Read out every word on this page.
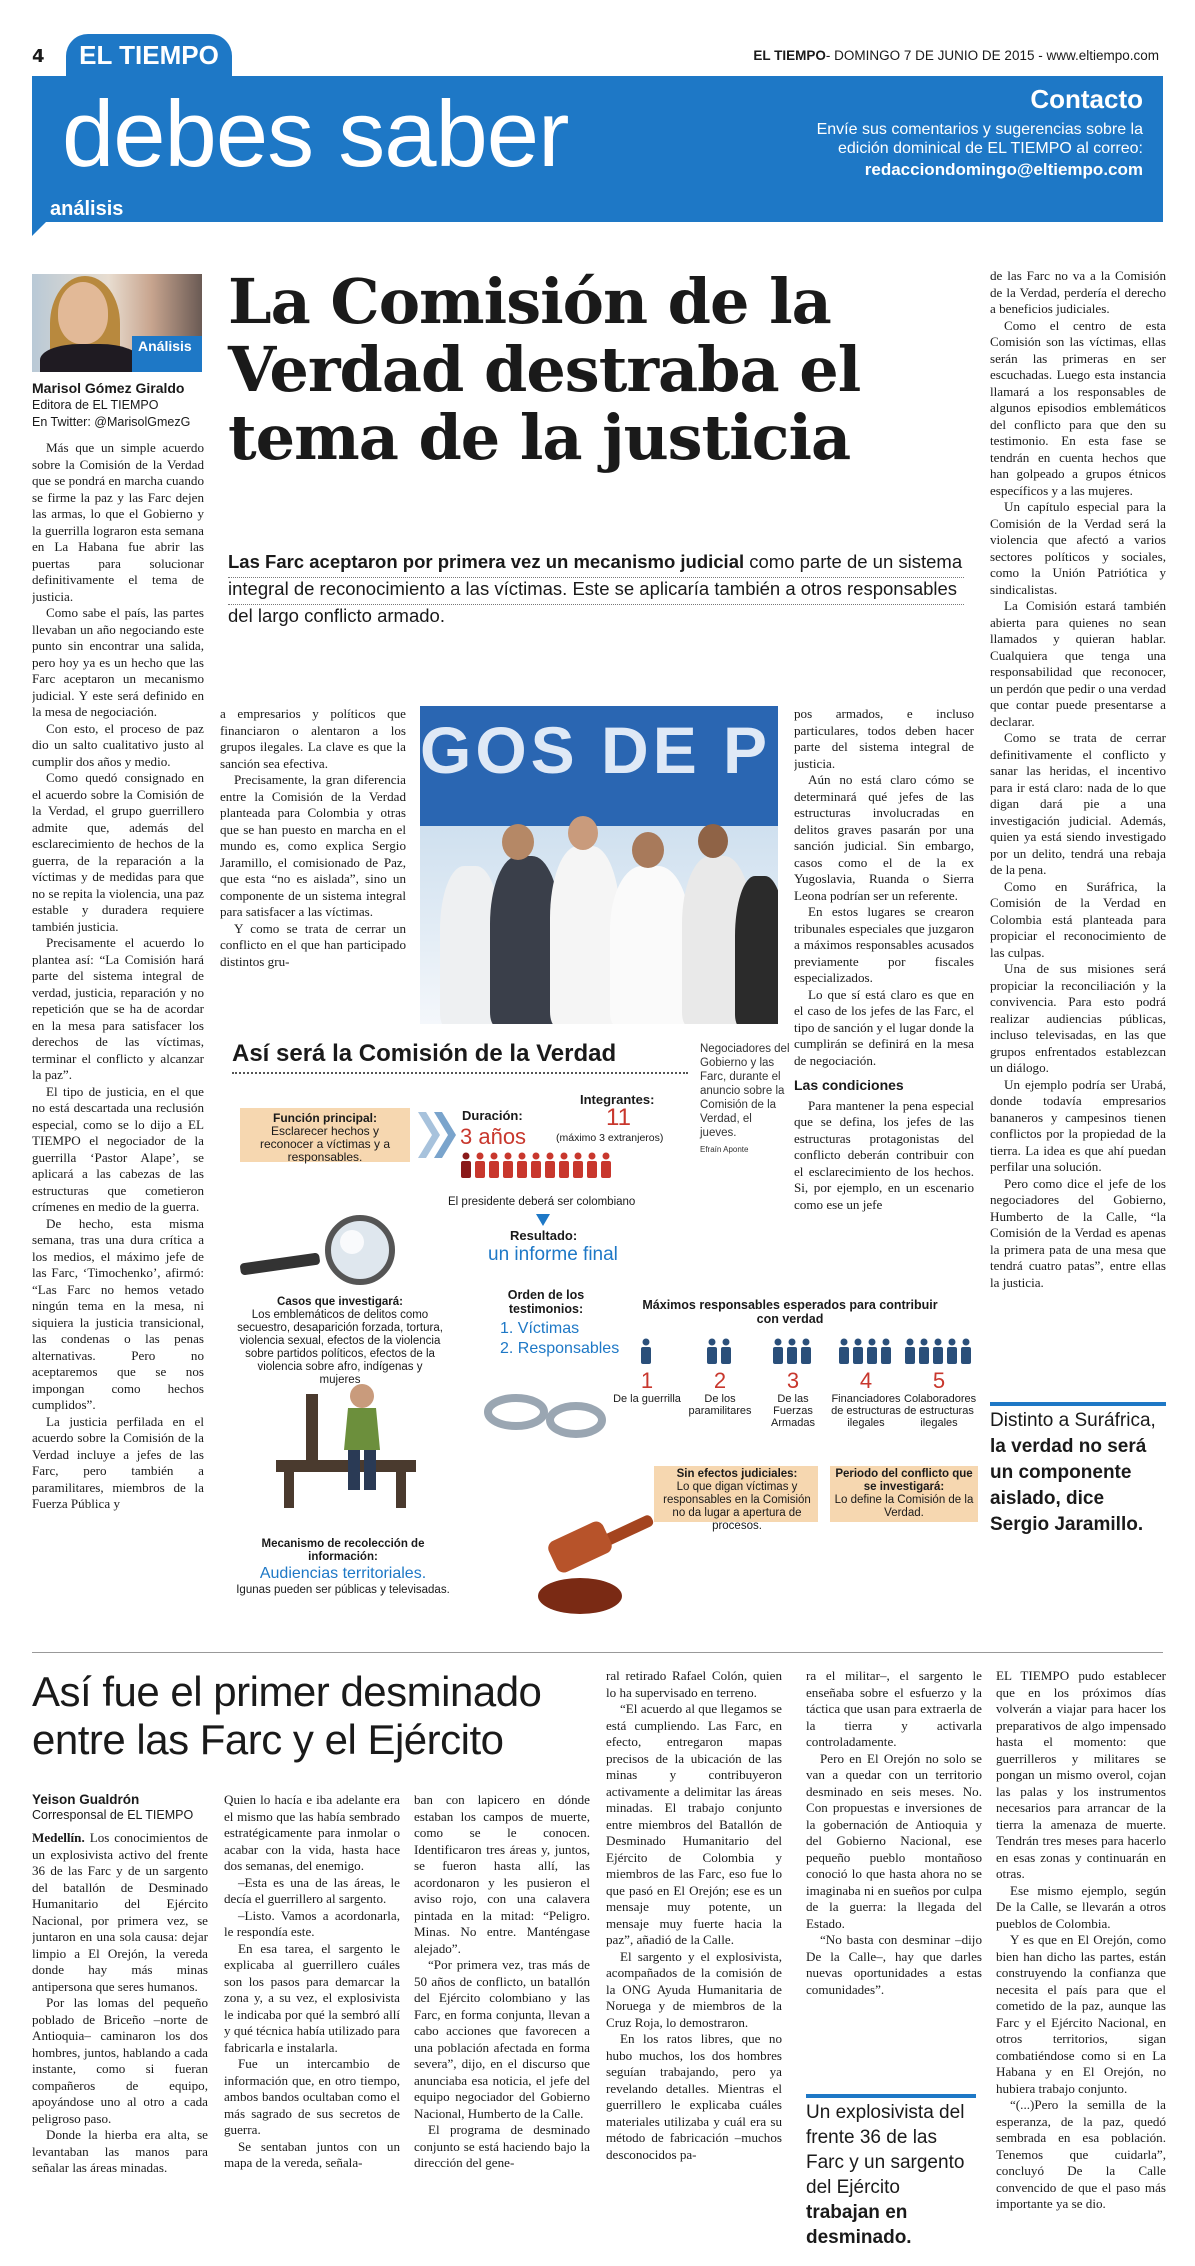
4	EL TIEMPO	EL TIEMPO- DOMINGO 7 DE JUNIO DE 2015 - www.eltiempo.com
debes saber
análisis
Contacto
Envíe sus comentarios y sugerencias sobre la edición dominical de EL TIEMPO al correo:
redacciondomingo@eltiempo.com
Análisis
Marisol Gómez Giraldo
Editora de EL TIEMPO
En Twitter: @MarisolGmezG
La Comisión de la Verdad destraba el tema de la justicia
Las Farc aceptaron por primera vez un mecanismo judicial como parte de un sistema integral de reconocimiento a las víctimas. Este se aplicaría también a otros responsables del largo conflicto armado.

Más que un simple acuerdo sobre la Comisión de la Verdad que se pondrá en marcha cuando se firme la paz y las Farc dejen las armas, lo que el Gobierno y la guerrilla lograron esta semana en La Habana fue abrir las puertas para solucionar definitivamente el tema de justicia.

Como sabe el país, las partes llevaban un año negociando este punto sin encontrar una salida, pero hoy ya es un hecho que las Farc aceptaron un mecanismo judicial. Y este será definido en la mesa de negociación.

Con esto, el proceso de paz dio un salto cualitativo justo al cumplir dos años y medio.

Como quedó consignado en el acuerdo sobre la Comisión de la Verdad, el grupo guerrillero admite que, además del esclarecimiento de hechos de la guerra, de la reparación a la víctimas y de medidas para que no se repita la violencia, una paz estable y duradera requiere también justicia.

Precisamente el acuerdo lo plantea así: “La Comisión hará parte del sistema integral de verdad, justicia, reparación y no repetición que se ha de acordar en la mesa para satisfacer los derechos de las víctimas, terminar el conflicto y alcanzar la paz”.

El tipo de justicia, en el que no está descartada una reclusión especial, como se lo dijo a EL TIEMPO el negociador de la guerrilla ‘Pastor Alape’, se aplicará a las cabezas de las estructuras que cometieron crímenes en medio de la guerra.

De hecho, esta misma semana, tras una dura crítica a los medios, el máximo jefe de las Farc, ‘Timochenko’, afirmó: “Las Farc no hemos vetado ningún tema en la mesa, ni siquiera la justicia transicional, las condenas o las penas alternativas. Pero no aceptaremos que se nos impongan como hechos cumplidos”.

La justicia perfilada en el acuerdo sobre la Comisión de la Verdad incluye a jefes de las Farc, pero también a paramilitares, miembros de la Fuerza Pública y

a empresarios y políticos que financiaron o alentaron a los grupos ilegales. La clave es que la sanción sea efectiva.

Precisamente, la gran diferencia entre la Comisión de la Verdad planteada para Colombia y otras que se han puesto en marcha en el mundo es, como explica Sergio Jaramillo, el comisionado de Paz, que esta “no es aislada”, sino un componente de un sistema integral para satisfacer a las víctimas.

Y como se trata de cerrar un conflicto en el que han participado distintos gru-

pos armados, e incluso particulares, todos deben hacer parte del sistema integral de justicia.

Aún no está claro cómo se determinará qué jefes de las estructuras involucradas en delitos graves pasarán por una sanción judicial. Sin embargo, casos como el de la ex Yugoslavia, Ruanda o Sierra Leona podrían ser un referente.

En estos lugares se crearon tribunales especiales que juzgaron a máximos responsables acusados previamente por fiscales especializados.

Lo que sí está claro es que en el caso de los jefes de las Farc, el tipo de sanción y el lugar donde la cumplirán se definirá en la mesa de negociación.

Las condiciones

Para mantener la pena especial que se defina, los jefes de las estructuras protagonistas del conflicto deberán contribuir con el esclarecimiento de los hechos. Si, por ejemplo, en un escenario como ese un jefe

de las Farc no va a la Comisión de la Verdad, perdería el derecho a beneficios judiciales.

Como el centro de esta Comisión son las víctimas, ellas serán las primeras en ser escuchadas. Luego esta instancia llamará a los responsables de algunos episodios emblemáticos del conflicto para que den su testimonio. En esta fase se tendrán en cuenta hechos que han golpeado a grupos étnicos específicos y a las mujeres.

Un capítulo especial para la Comisión de la Verdad será la violencia que afectó a varios sectores políticos y sociales, como la Unión Patriótica y sindicalistas.

La Comisión estará también abierta para quienes no sean llamados y quieran hablar. Cualquiera que tenga una responsabilidad que reconocer, un perdón que pedir o una verdad que contar puede presentarse a declarar.

Como se trata de cerrar definitivamente el conflicto y sanar las heridas, el incentivo para ir está claro: nada de lo que digan dará pie a una investigación judicial. Además, quien ya está siendo investigado por un delito, tendrá una rebaja de la pena.

Como en Suráfrica, la Comisión de la Verdad en Colombia está planteada para propiciar el reconocimiento de las culpas.

Una de sus misiones será propiciar la reconciliación y la convivencia. Para esto podrá realizar audiencias públicas, incluso televisadas, en las que grupos enfrentados establezcan un diálogo.

Un ejemplo podría ser Urabá, donde todavía empresarios bananeros y campesinos tienen conflictos por la propiedad de la tierra. La idea es que ahí puedan perfilar una solución.

Pero como dice el jefe de los negociadores del Gobierno, Humberto de la Calle, “la Comisión de la Verdad es apenas la primera pata de una mesa que tendrá cuatro patas”, entre ellas la justicia.

GOS DE P
Negociadores del Gobierno y las Farc, durante el anuncio sobre la Comisión de la Verdad, el jueves.
Efraín Aponte
Así será la Comisión de la Verdad
Función principal:
Esclarecer hechos y reconocer a víctimas y a responsables.
Duración:
3 años
Integrantes:
11
(máximo 3 extranjeros)
El presidente deberá ser colombiano
Resultado:
un informe final
Orden de los testimonios:
1. Víctimas
2. Responsables
Casos que investigará:
Los emblemáticos de delitos como secuestro, desaparición forzada, tortura, violencia sexual, efectos de la violencia sobre partidos políticos, efectos de la violencia sobre afro, indígenas y mujeres
Máximos responsables esperados para contribuir con verdad
1
De la guerrilla
2
De los paramilitares
3
De las Fuerzas Armadas
4
Financiadores de estructuras ilegales
5
Colaboradores de estructuras ilegales
Sin efectos judiciales:
Lo que digan víctimas y responsables en la Comisión no da lugar a apertura de procesos.
Periodo del conflicto que se investigará:
Lo define la Comisión de la Verdad.
Mecanismo de recolección de información:
Audiencias territoriales.
Igunas pueden ser públicas y televisadas.
Distinto a Suráfrica, la verdad no será un componente aislado, dice Sergio Jaramillo.
Así fue el primer desminado entre las Farc y el Ejército
Yeison Gualdrón
Corresponsal de EL TIEMPO

Medellín. Los conocimientos de un explosivista activo del frente 36 de las Farc y de un sargento del batallón de Desminado Humanitario del Ejército Nacional, por primera vez, se juntaron en una sola causa: dejar limpio a El Orejón, la vereda donde hay más minas antipersona que seres humanos.

Por las lomas del pequeño poblado de Briceño –norte de Antioquia– caminaron los dos hombres, juntos, hablando a cada instante, como si fueran compañeros de equipo, apoyándose uno al otro a cada peligroso paso.

Donde la hierba era alta, se levantaban las manos para señalar las áreas minadas.

Quien lo hacía e iba adelante era el mismo que las había sembrado estratégicamente para inmolar o acabar con la vida, hasta hace dos semanas, del enemigo.

–Esta es una de las áreas, le decía el guerrillero al sargento.

–Listo. Vamos a acordonarla, le respondía este.

En esa tarea, el sargento le explicaba al guerrillero cuáles son los pasos para demarcar la zona y, a su vez, el explosivista le indicaba por qué la sembró allí y qué técnica había utilizado para fabricarla e instalarla.

Fue un intercambio de información que, en otro tiempo, ambos bandos ocultaban como el más sagrado de sus secretos de guerra.

Se sentaban juntos con un mapa de la vereda, señala-

ban con lapicero en dónde estaban los campos de muerte, como se le conocen. Identificaron tres áreas y, juntos, se fueron hasta allí, las acordonaron y les pusieron el aviso rojo, con una calavera pintada en la mitad: “Peligro. Minas. No entre. Manténgase alejado”.

“Por primera vez, tras más de 50 años de conflicto, un batallón del Ejército colombiano y las Farc, en forma conjunta, llevan a cabo acciones que favorecen a una población afectada en forma severa”, dijo, en el discurso que anunciaba esa noticia, el jefe del equipo negociador del Gobierno Nacional, Humberto de la Calle.

El programa de desminado conjunto se está haciendo bajo la dirección del gene-

ral retirado Rafael Colón, quien lo ha supervisado en terreno.

“El acuerdo al que llegamos se está cumpliendo. Las Farc, en efecto, entregaron mapas precisos de la ubicación de las minas y contribuyeron activamente a delimitar las áreas minadas. El trabajo conjunto entre miembros del Batallón de Desminado Humanitario del Ejército de Colombia y miembros de las Farc, eso fue lo que pasó en El Orejón; ese es un mensaje muy potente, un mensaje muy fuerte hacia la paz”, añadió de la Calle.

El sargento y el explosivista, acompañados de la comisión de la ONG Ayuda Humanitaria de Noruega y de miembros de la Cruz Roja, lo demostraron.

En los ratos libres, que no hubo muchos, los dos hombres seguían trabajando, pero ya revelando detalles. Mientras el guerrillero le explicaba cuáles materiales utilizaba y cuál era su método de fabricación –muchos desconocidos pa-

ra el militar–, el sargento le enseñaba sobre el esfuerzo y la táctica que usan para extraerla de la tierra y activarla controladamente.

Pero en El Orejón no solo se van a quedar con un territorio desminado en seis meses. No. Con propuestas e inversiones de la gobernación de Antioquia y del Gobierno Nacional, ese pequeño pueblo montañoso conoció lo que hasta ahora no se imaginaba ni en sueños por culpa de la guerra: la llegada del Estado.

“No basta con desminar –dijo De la Calle–, hay que darles nuevas oportunidades a estas comunidades”.

EL TIEMPO pudo establecer que en los próximos días volverán a viajar para hacer los preparativos de algo impensado hasta el momento: que guerrilleros y militares se pongan un mismo overol, cojan las palas y los instrumentos necesarios para arrancar de la tierra la amenaza de muerte. Tendrán tres meses para hacerlo en esas zonas y continuarán en otras.

Ese mismo ejemplo, según De la Calle, se llevarán a otros pueblos de Colombia.

Y es que en El Orejón, como bien han dicho las partes, están construyendo la confianza que necesita el país para que el cometido de la paz, aunque las Farc y el Ejército Nacional, en otros territorios, sigan combatiéndose como si en La Habana y en El Orejón, no hubiera trabajo conjunto.

“(...)Pero la semilla de la esperanza, de la paz, quedó sembrada en esa población. Tenemos que cuidarla”, concluyó De la Calle convencido de que el paso más importante ya se dio.

Un explosivista del frente 36 de las Farc y un sargento del Ejército trabajan en desminado.
